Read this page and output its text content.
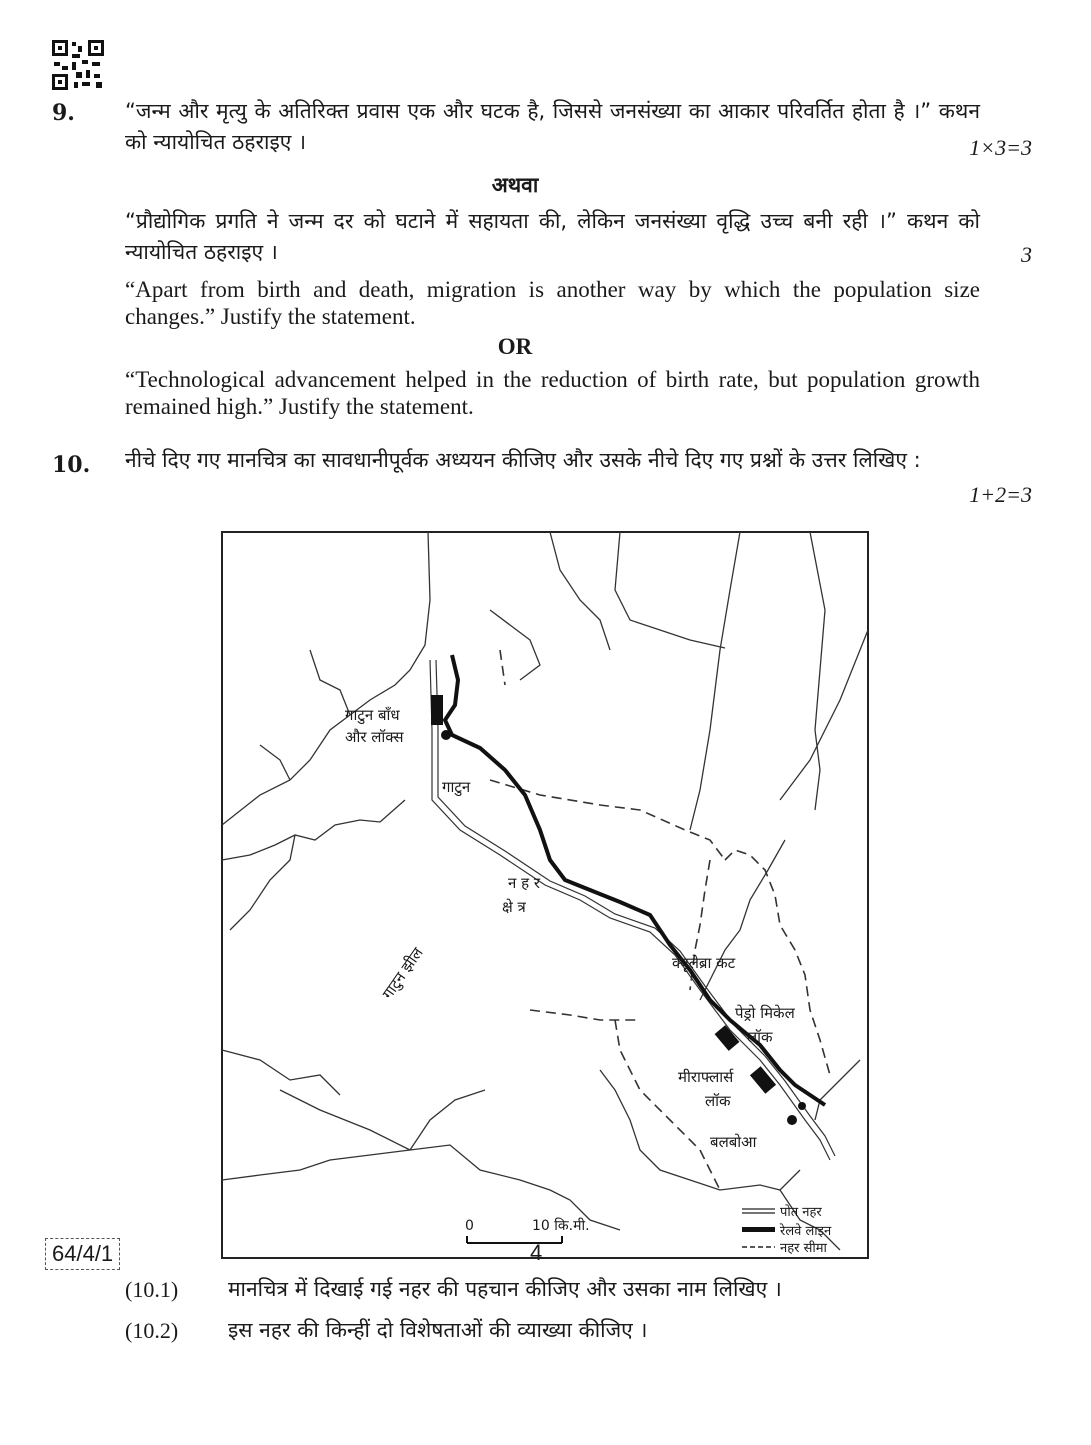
9. “जन्म और मृत्यु के अतिरिक्त प्रवास एक और घटक है, जिससे जनसंख्या का आकार परिवर्तित होता है ।” कथन को न्यायोचित ठहराइए ।	1×3=3
अथवा
“प्रौद्योगिक प्रगति ने जन्म दर को घटाने में सहायता की, लेकिन जनसंख्या वृद्धि उच्च बनी रही ।” कथन को न्यायोचित ठहराइए ।	3
“Apart from birth and death, migration is another way by which the population size changes.” Justify the statement.
OR
“Technological advancement helped in the reduction of birth rate, but population growth remained high.” Justify the statement.
10. नीचे दिए गए मानचित्र का सावधानीपूर्वक अध्ययन कीजिए और उसके नीचे दिए गए प्रश्नों के उत्तर लिखिए :
1+2=3
गाटुन बाँध
और लॉक्स
गाटुन
न ह र
क्षे त्र
गाटुन झील	क्यूलेब्रा कट
पेड्रो मिकेल
लॉक
मीराफ्लार्स
लॉक
बलबोआ
0	10 कि.मी.
पोत नहर
रेलवे लाइन
नहर सीमा
(10.1) मानचित्र में दिखाई गई नहर की पहचान कीजिए और उसका नाम लिखिए ।
(10.2) इस नहर की किन्हीं दो विशेषताओं की व्याख्या कीजिए ।
64/4/1	4
